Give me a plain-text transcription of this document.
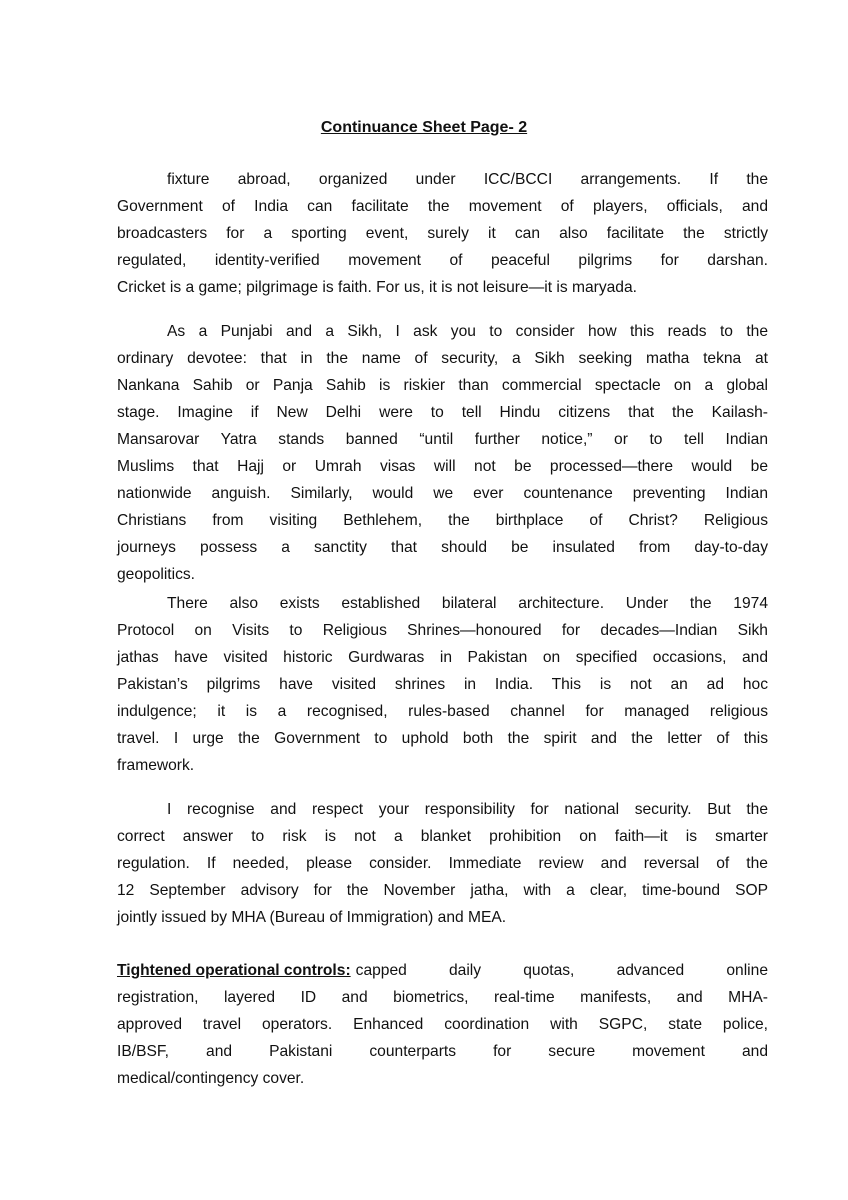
Continuance Sheet Page- 2
fixture abroad, organized under ICC/BCCI arrangements. If the
Government of India can facilitate the movement of players, officials, and
broadcasters for a sporting event, surely it can also facilitate the strictly
regulated, identity-verified movement of peaceful pilgrims for darshan.
Cricket is a game; pilgrimage is faith. For us, it is not leisure—it is maryada.
As a Punjabi and a Sikh, I ask you to consider how this reads to the
ordinary devotee: that in the name of security, a Sikh seeking matha tekna at
Nankana Sahib or Panja Sahib is riskier than commercial spectacle on a global
stage. Imagine if New Delhi were to tell Hindu citizens that the Kailash-
Mansarovar Yatra stands banned “until further notice,” or to tell Indian
Muslims that Hajj or Umrah visas will not be processed—there would be
nationwide anguish. Similarly, would we ever countenance preventing Indian
Christians from visiting Bethlehem, the birthplace of Christ? Religious
journeys possess a sanctity that should be insulated from day-to-day
geopolitics.
There also exists established bilateral architecture. Under the 1974
Protocol on Visits to Religious Shrines—honoured for decades—Indian Sikh
jathas have visited historic Gurdwaras in Pakistan on specified occasions, and
Pakistan’s pilgrims have visited shrines in India. This is not an ad hoc
indulgence; it is a recognised, rules-based channel for managed religious
travel. I urge the Government to uphold both the spirit and the letter of this
framework.
I recognise and respect your responsibility for national security. But the
correct answer to risk is not a blanket prohibition on faith—it is smarter
regulation. If needed, please consider. Immediate review and reversal of the
12 September advisory for the November jatha, with a clear, time-bound SOP
jointly issued by MHA (Bureau of Immigration) and MEA.
Tightened operational controls: capped daily quotas, advanced online
registration, layered ID and biometrics, real-time manifests, and MHA-
approved travel operators. Enhanced coordination with SGPC, state police,
IB/BSF, and Pakistani counterparts for secure movement and
medical/contingency cover.
